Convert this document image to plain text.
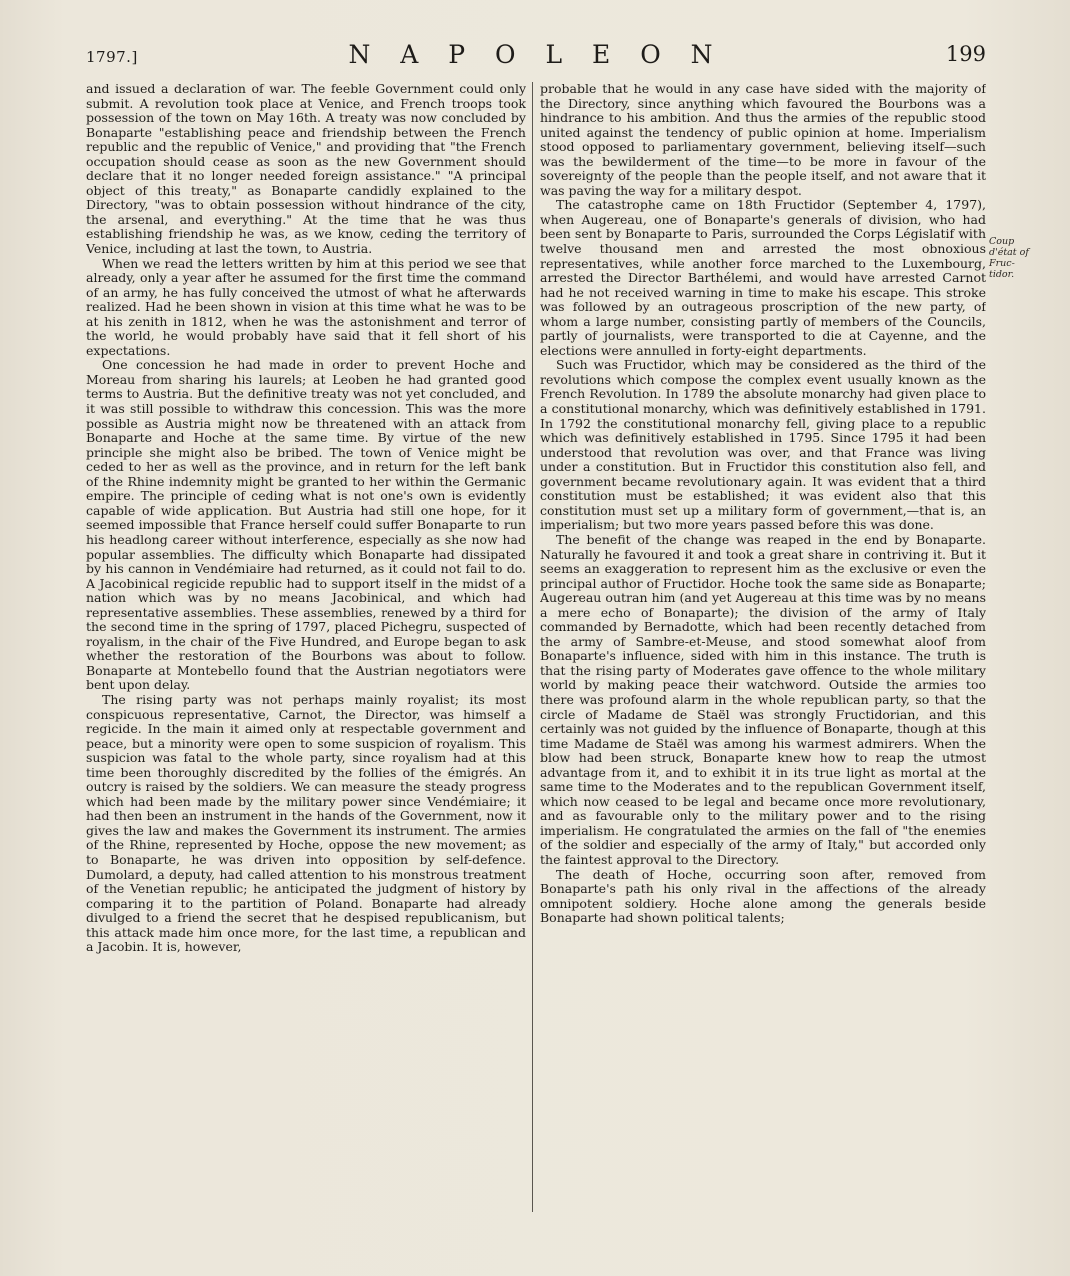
1797.]	N A P O L E O N	199

and issued a declaration of war. The feeble Government could only submit. A revolution took place at Venice, and French troops took possession of the town on May 16th. A treaty was now concluded by Bonaparte "establishing peace and friendship between the French republic and the republic of Venice," and providing that "the French occupation should cease as soon as the new Government should declare that it no longer needed foreign assistance." "A principal object of this treaty," as Bonaparte candidly explained to the Directory, "was to obtain possession without hindrance of the city, the arsenal, and everything." At the time that he was thus establishing friendship he was, as we know, ceding the territory of Venice, including at last the town, to Austria.

When we read the letters written by him at this period we see that already, only a year after he assumed for the first time the command of an army, he has fully conceived the utmost of what he afterwards realized. Had he been shown in vision at this time what he was to be at his zenith in 1812, when he was the astonishment and terror of the world, he would probably have said that it fell short of his expectations.

One concession he had made in order to prevent Hoche and Moreau from sharing his laurels; at Leoben he had granted good terms to Austria. But the definitive treaty was not yet concluded, and it was still possible to withdraw this concession. This was the more possible as Austria might now be threatened with an attack from Bonaparte and Hoche at the same time. By virtue of the new principle she might also be bribed. The town of Venice might be ceded to her as well as the province, and in return for the left bank of the Rhine indemnity might be granted to her within the Germanic empire. The principle of ceding what is not one's own is evidently capable of wide application. But Austria had still one hope, for it seemed impossible that France herself could suffer Bonaparte to run his headlong career without interference, especially as she now had popular assemblies. The difficulty which Bonaparte had dissipated by his cannon in Vendémiaire had returned, as it could not fail to do. A Jacobinical regicide republic had to support itself in the midst of a nation which was by no means Jacobinical, and which had representative assemblies. These assemblies, renewed by a third for the second time in the spring of 1797, placed Pichegru, suspected of royalism, in the chair of the Five Hundred, and Europe began to ask whether the restoration of the Bourbons was about to follow. Bonaparte at Montebello found that the Austrian negotiators were bent upon delay.

The rising party was not perhaps mainly royalist; its most conspicuous representative, Carnot, the Director, was himself a regicide. In the main it aimed only at respectable government and peace, but a minority were open to some suspicion of royalism. This suspicion was fatal to the whole party, since royalism had at this time been thoroughly discredited by the follies of the émigrés. An outcry is raised by the soldiers. We can measure the steady progress which had been made by the military power since Vendémiaire; it had then been an instrument in the hands of the Government, now it gives the law and makes the Government its instrument. The armies of the Rhine, represented by Hoche, oppose the new movement; as to Bonaparte, he was driven into opposition by self-defence. Dumolard, a deputy, had called attention to his monstrous treatment of the Venetian republic; he anticipated the judgment of history by comparing it to the partition of Poland. Bonaparte had already divulged to a friend the secret that he despised republicanism, but this attack made him once more, for the last time, a republican and a Jacobin. It is, however,

probable that he would in any case have sided with the majority of the Directory, since anything which favoured the Bourbons was a hindrance to his ambition. And thus the armies of the republic stood united against the tendency of public opinion at home. Imperialism stood opposed to parliamentary government, believing itself—such was the bewilderment of the time—to be more in favour of the sovereignty of the people than the people itself, and not aware that it was paving the way for a military despot.

The catastrophe came on 18th Fructidor (September 4, 1797), when Augereau, one of Bonaparte's generals of division, who had been sent by Bonaparte to Paris, surrounded the Corps Législatif with twelve thousand men and arrested the most obnoxious representatives, while another force marched to the Luxembourg, arrested the Director Barthélemi, and would have arrested Carnot had he not received warning in time to make his escape. This stroke was followed by an outrageous proscription of the new party, of whom a large number, consisting partly of members of the Councils, partly of journalists, were transported to die at Cayenne, and the elections were annulled in forty-eight departments.

Such was Fructidor, which may be considered as the third of the revolutions which compose the complex event usually known as the French Revolution. In 1789 the absolute monarchy had given place to a constitutional monarchy, which was definitively established in 1791. In 1792 the constitutional monarchy fell, giving place to a republic which was definitively established in 1795. Since 1795 it had been understood that revolution was over, and that France was living under a constitution. But in Fructidor this constitution also fell, and government became revolutionary again. It was evident that a third constitution must be established; it was evident also that this constitution must set up a military form of government,—that is, an imperialism; but two more years passed before this was done.

The benefit of the change was reaped in the end by Bonaparte. Naturally he favoured it and took a great share in contriving it. But it seems an exaggeration to represent him as the exclusive or even the principal author of Fructidor. Hoche took the same side as Bonaparte; Augereau outran him (and yet Augereau at this time was by no means a mere echo of Bonaparte); the division of the army of Italy commanded by Bernadotte, which had been recently detached from the army of Sambre-et-Meuse, and stood somewhat aloof from Bonaparte's influence, sided with him in this instance. The truth is that the rising party of Moderates gave offence to the whole military world by making peace their watchword. Outside the armies too there was profound alarm in the whole republican party, so that the circle of Madame de Staël was strongly Fructidorian, and this certainly was not guided by the influence of Bonaparte, though at this time Madame de Staël was among his warmest admirers. When the blow had been struck, Bonaparte knew how to reap the utmost advantage from it, and to exhibit it in its true light as mortal at the same time to the Moderates and to the republican Government itself, which now ceased to be legal and became once more revolutionary, and as favourable only to the military power and to the rising imperialism. He congratulated the armies on the fall of "the enemies of the soldier and especially of the army of Italy," but accorded only the faintest approval to the Directory.

The death of Hoche, occurring soon after, removed from Bonaparte's path his only rival in the affections of the already omnipotent soldiery. Hoche alone among the generals beside Bonaparte had shown political talents;

Coup
d'état of
Fruc-
tidor.
